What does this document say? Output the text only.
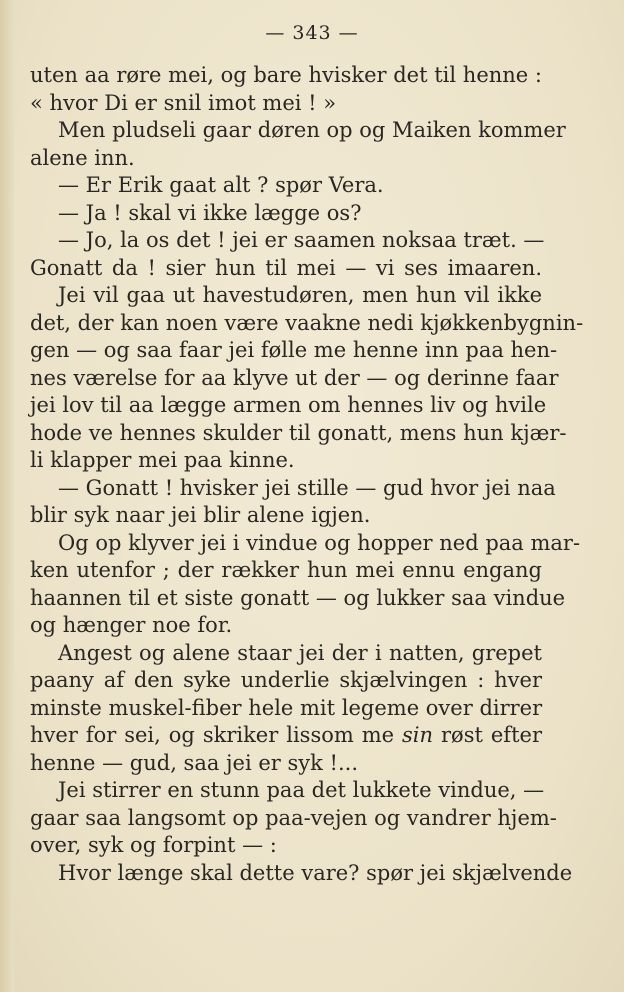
— 343 —
uten aa røre mei, og bare hvisker det til henne :
« hvor Di er snil imot mei ! »
Men pludseli gaar døren op og Maiken kommer
alene inn.
— Er Erik gaat alt ? spør Vera.
— Ja ! skal vi ikke lægge os?
— Jo, la os det ! jei er saamen noksaa træt. —
Gonatt da ! sier hun til mei — vi ses imaaren.
Jei vil gaa ut havestudøren, men hun vil ikke
det, der kan noen være vaakne nedi kjøkkenbygnin-
gen — og saa faar jei følle me henne inn paa hen-
nes værelse for aa klyve ut der — og derinne faar
jei lov til aa lægge armen om hennes liv og hvile
hode ve hennes skulder til gonatt, mens hun kjær-
li klapper mei paa kinne.
— Gonatt ! hvisker jei stille — gud hvor jei naa
blir syk naar jei blir alene igjen.
Og op klyver jei i vindue og hopper ned paa mar-
ken utenfor ; der rækker hun mei ennu engang
haannen til et siste gonatt — og lukker saa vindue
og hænger noe for.
Angest og alene staar jei der i natten, grepet
paany af den syke underlie skjælvingen : hver
minste muskel-fiber hele mit legeme over dirrer
hver for sei, og skriker lissom me sin røst efter
henne — gud, saa jei er syk !...
Jei stirrer en stunn paa det lukkete vindue, —
gaar saa langsomt op paa-vejen og vandrer hjem-
over, syk og forpint — :
Hvor længe skal dette vare? spør jei skjælvende
